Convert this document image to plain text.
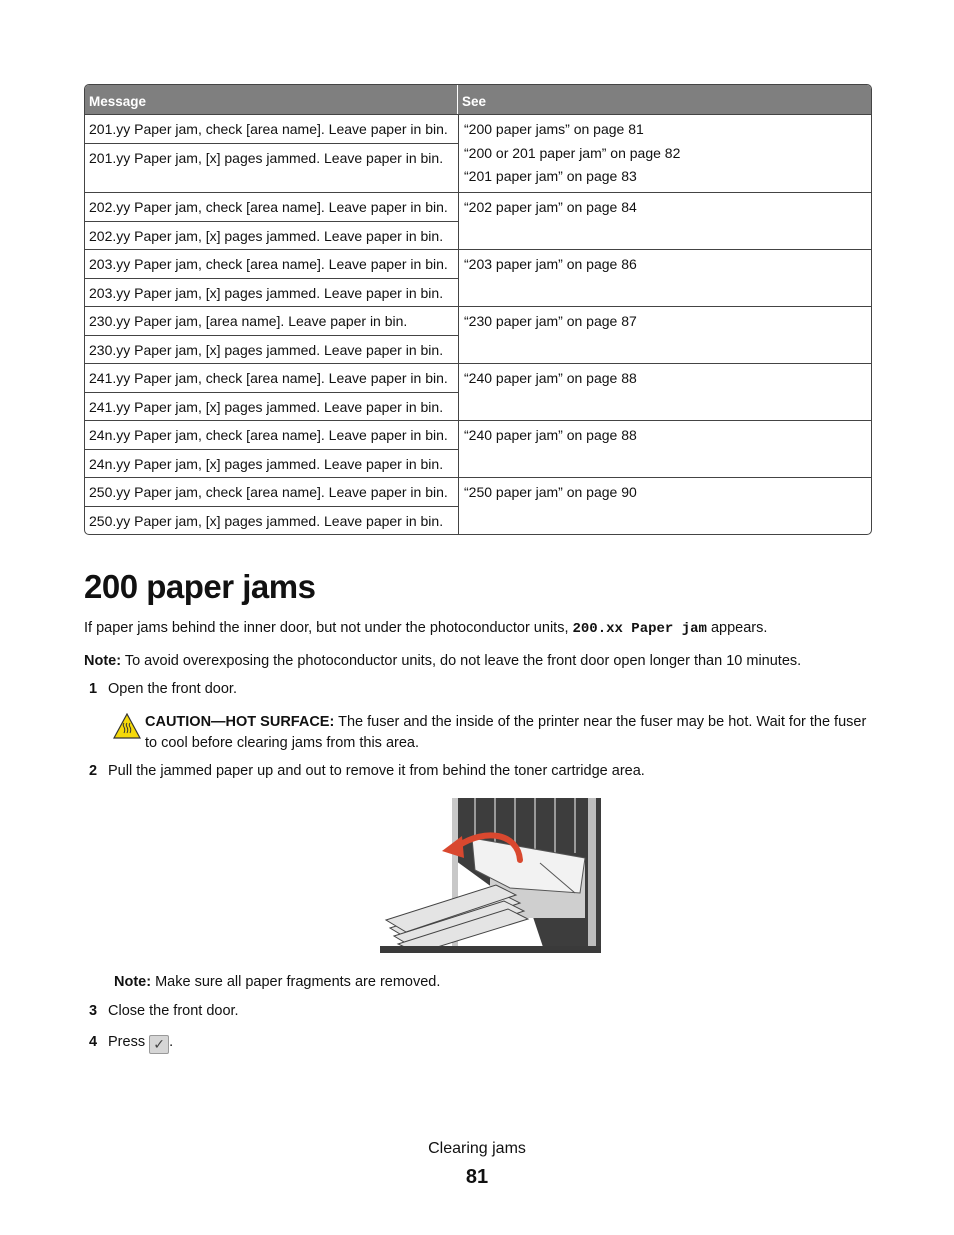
Message	See
201.yy Paper jam, check [area name]. Leave paper in bin.
201.yy Paper jam, [x] pages jammed. Leave paper in bin.
“200 paper jams” on page 81
“200 or 201 paper jam” on page 82
“201 paper jam” on page 83
202.yy Paper jam, check [area name]. Leave paper in bin.
202.yy Paper jam, [x] pages jammed. Leave paper in bin.
“202 paper jam” on page 84
203.yy Paper jam, check [area name]. Leave paper in bin.
203.yy Paper jam, [x] pages jammed. Leave paper in bin.
“203 paper jam” on page 86
230.yy Paper jam, [area name]. Leave paper in bin.
230.yy Paper jam, [x] pages jammed. Leave paper in bin.
“230 paper jam” on page 87
241.yy Paper jam, check [area name]. Leave paper in bin.
241.yy Paper jam, [x] pages jammed. Leave paper in bin.
“240 paper jam” on page 88
24n.yy Paper jam, check [area name]. Leave paper in bin.
24n.yy Paper jam, [x] pages jammed. Leave paper in bin.
“240 paper jam” on page 88
250.yy Paper jam, check [area name]. Leave paper in bin.
250.yy Paper jam, [x] pages jammed. Leave paper in bin.
“250 paper jam” on page 90
200 paper jams
If paper jams behind the inner door, but not under the photoconductor units, 200.xx Paper jam appears.
Note: To avoid overexposing the photoconductor units, do not leave the front door open longer than 10 minutes.
1 Open the front door.
CAUTION—HOT SURFACE: The fuser and the inside of the printer near the fuser may be hot. Wait for the fuser to cool before clearing jams from this area.
2 Pull the jammed paper up and out to remove it from behind the toner cartridge area.
Note: Make sure all paper fragments are removed.
3 Close the front door.
4 Press ✓ .
Clearing jams
81
